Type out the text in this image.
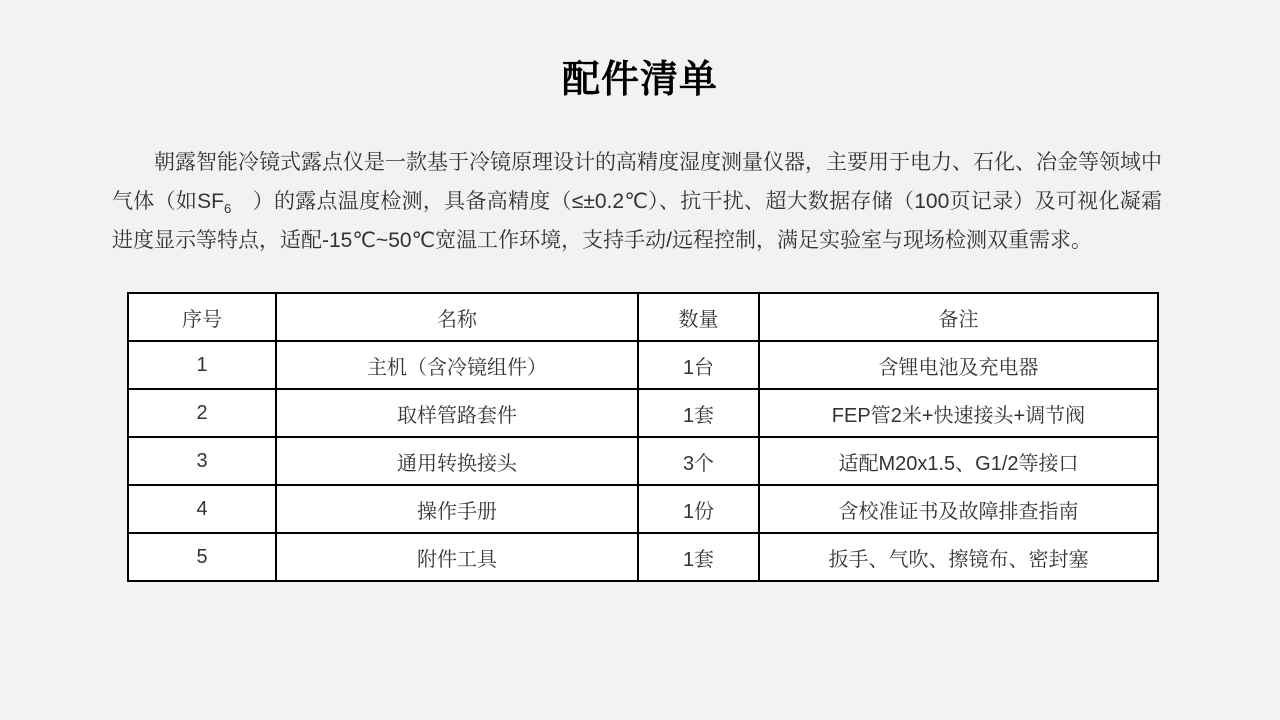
配件清单

朝露智能冷镜式露点仪是一款基于冷镜原理设计的高精度湿度测量仪器，主要用于电力、石化、冶金等领域中气体（如$SF_6$　）的露点温度检测，具备高精度（≤±0.2℃）、抗干扰、超大数据存储（100页记录）及可视化凝霜进度显示等特点，适配-15℃~50℃宽温工作环境，支持手动/远程控制，满足实验室与现场检测双重需求。

序号	名称	数量	备注
1	主机（含冷镜组件）	1台	含锂电池及充电器
2	取样管路套件	1套	FEP管2米+快速接头+调节阀
3	通用转换接头	3个	适配M20x1.5、G1/2等接口
4	操作手册	1份	含校准证书及故障排查指南
5	附件工具	1套	扳手、气吹、擦镜布、密封塞
